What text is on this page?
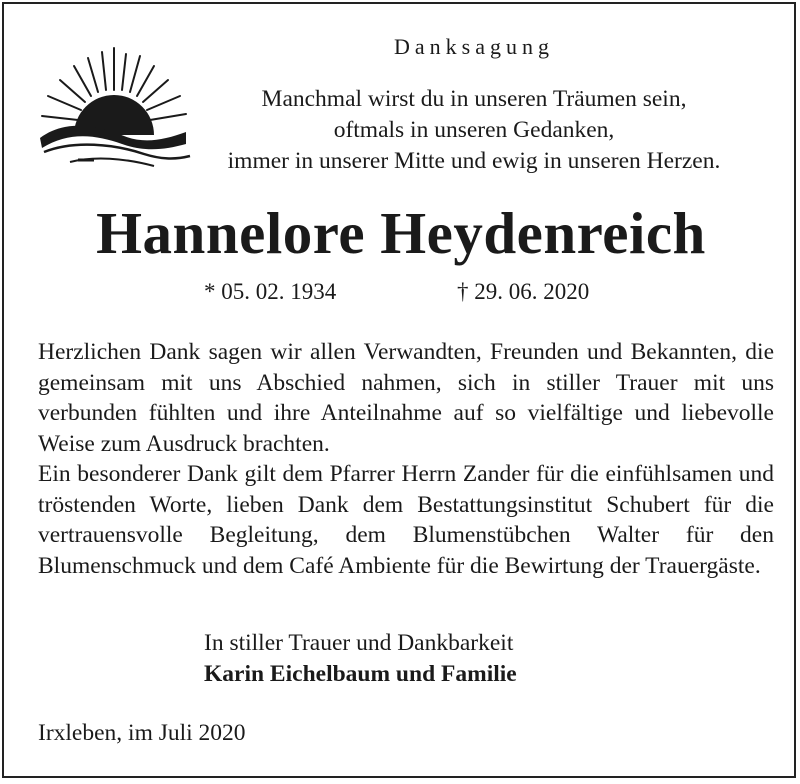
Danksagung

Manchmal wirst du in unseren Träumen sein,

oftmals in unseren Gedanken,

immer in unserer Mitte und ewig in unseren Herzen.

Hannelore Heydenreich
* 05. 02. 1934	† 29. 06. 2020

Herzlichen Dank sagen wir allen Verwandten, Freunden und Bekannten, die gemeinsam mit uns Abschied nahmen, sich in stiller Trauer mit uns verbunden fühlten und ihre Anteilnahme auf so vielfältige und liebevolle Weise zum Ausdruck brachten.

Ein besonderer Dank gilt dem Pfarrer Herrn Zander für die einfühlsamen und tröstenden Worte, lieben Dank dem Bestattungsinstitut Schubert für die vertrauensvolle Begleitung, dem Blumenstübchen Walter für den Blumenschmuck und dem Café Ambiente für die Bewirtung der Trauergäste.

In stiller Trauer und Dankbarkeit
Karin Eichelbaum und Familie
Irxleben, im Juli 2020
